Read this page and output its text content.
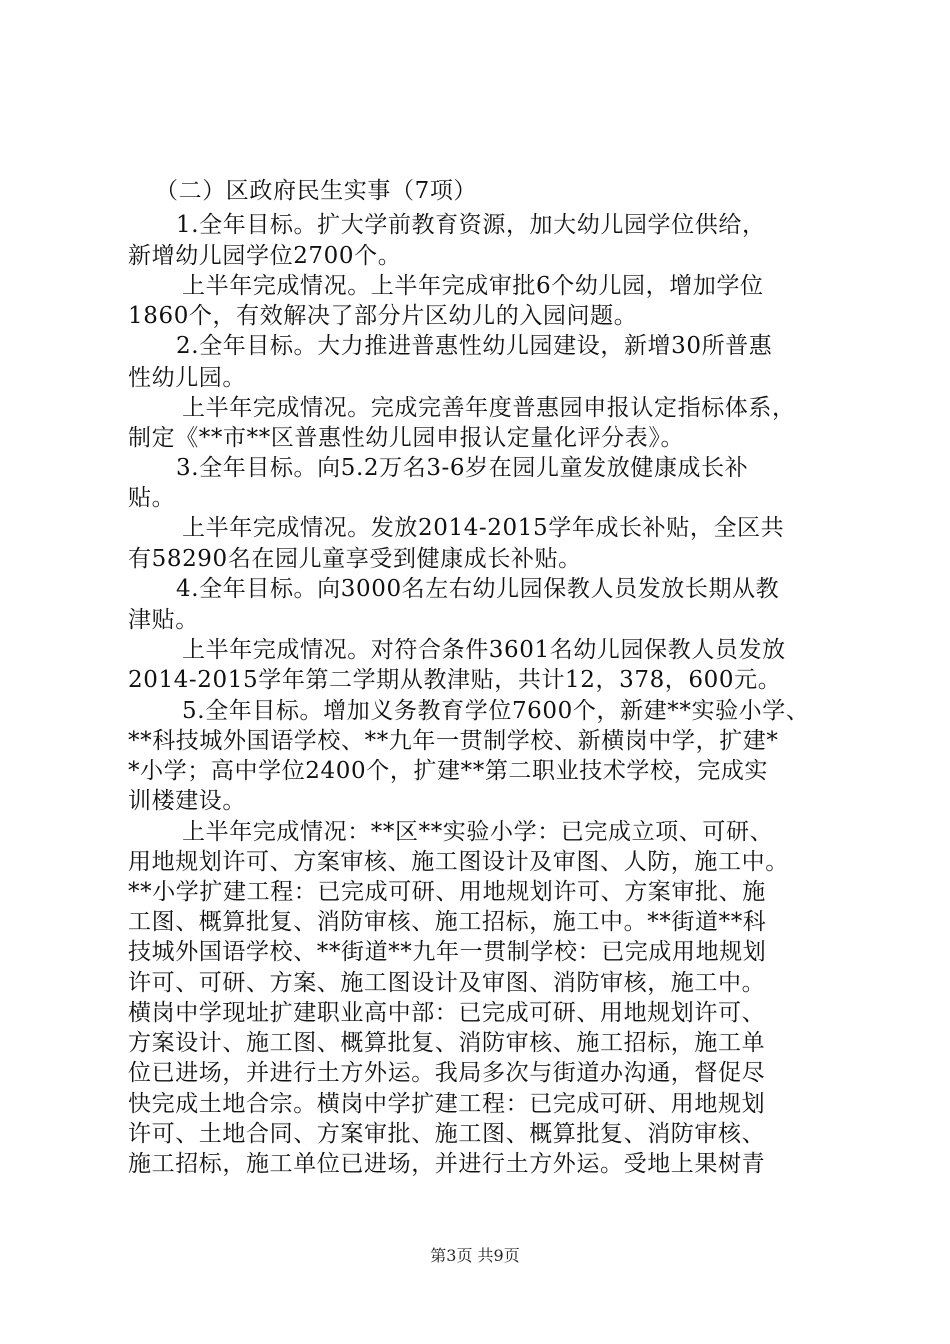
（二）区政府民生实事（7项）
1.全年目标。扩大学前教育资源，加大幼儿园学位供给，
新增幼儿园学位2700个。
上半年完成情况。上半年完成审批6个幼儿园，增加学位
1860个，有效解决了部分片区幼儿的入园问题。
2.全年目标。大力推进普惠性幼儿园建设，新增30所普惠
性幼儿园。
上半年完成情况。完成完善年度普惠园申报认定指标体系，
制定《**市**区普惠性幼儿园申报认定量化评分表》。
3.全年目标。向5.2万名3-6岁在园儿童发放健康成长补
贴。
上半年完成情况。发放2014-2015学年成长补贴，全区共
有58290名在园儿童享受到健康成长补贴。
4.全年目标。向3000名左右幼儿园保教人员发放长期从教
津贴。
上半年完成情况。对符合条件3601名幼儿园保教人员发放
2014-2015学年第二学期从教津贴，共计12，378，600元。
5.全年目标。增加义务教育学位7600个，新建**实验小学、
**科技城外国语学校、**九年一贯制学校、新横岗中学，扩建*
*小学；高中学位2400个，扩建**第二职业技术学校，完成实
训楼建设。
上半年完成情况：**区**实验小学：已完成立项、可研、
用地规划许可、方案审核、施工图设计及审图、人防，施工中。
**小学扩建工程：已完成可研、用地规划许可、方案审批、施
工图、概算批复、消防审核、施工招标，施工中。**街道**科
技城外国语学校、**街道**九年一贯制学校：已完成用地规划
许可、可研、方案、施工图设计及审图、消防审核，施工中。
横岗中学现址扩建职业高中部：已完成可研、用地规划许可、
方案设计、施工图、概算批复、消防审核、施工招标，施工单
位已进场，并进行土方外运。我局多次与街道办沟通，督促尽
快完成土地合宗。横岗中学扩建工程：已完成可研、用地规划
许可、土地合同、方案审批、施工图、概算批复、消防审核、
施工招标，施工单位已进场，并进行土方外运。受地上果树青
第3页 共9页
